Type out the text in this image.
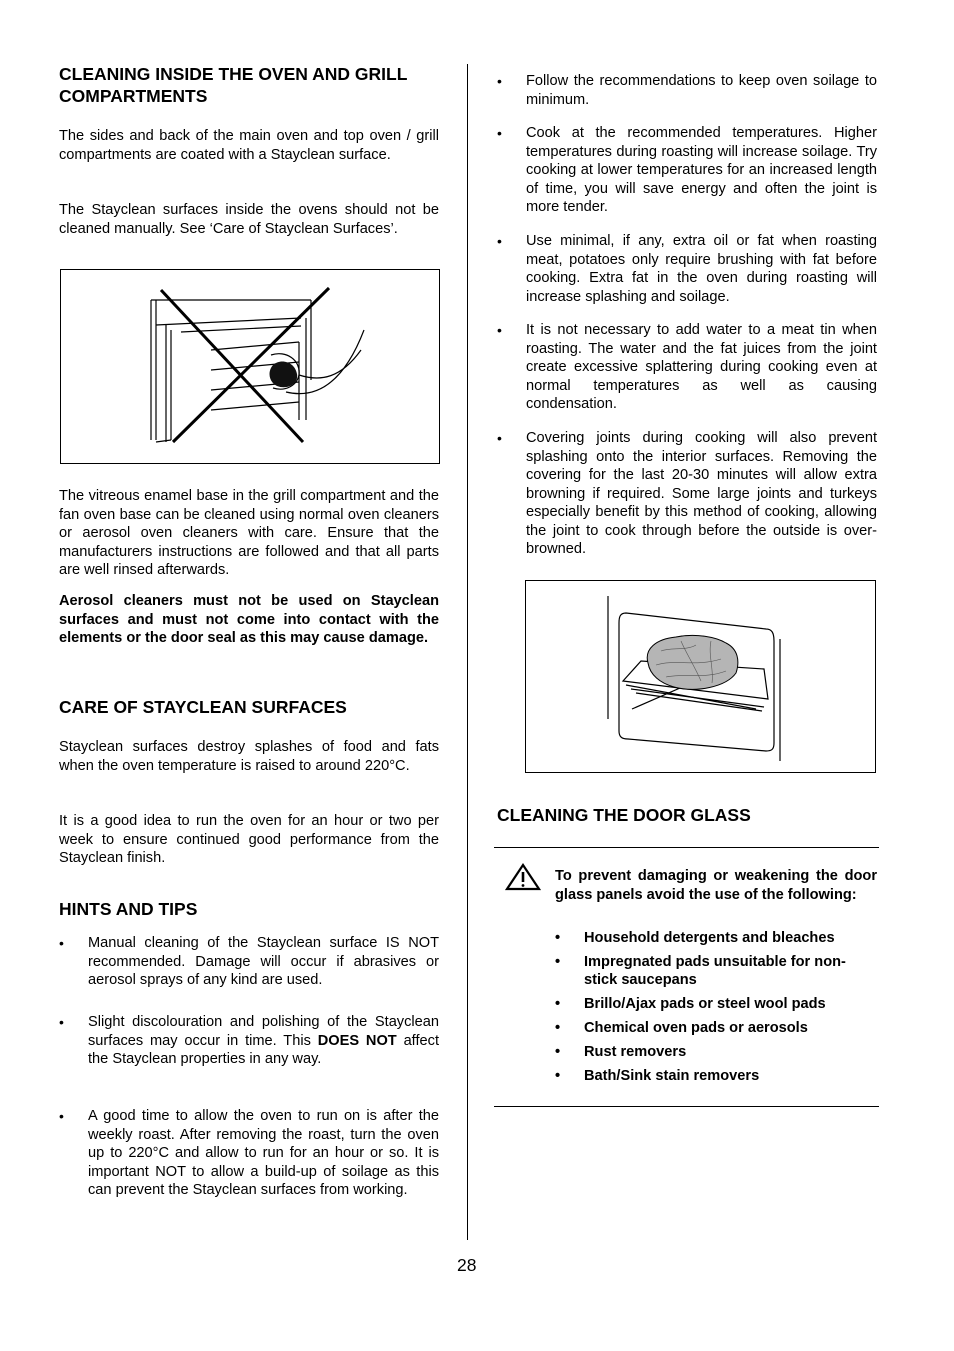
CLEANING INSIDE THE OVEN AND GRILL COMPARTMENTS

The sides and back of the main oven and top oven / grill compartments are coated with a Stayclean surface.

The Stayclean surfaces inside the ovens should not be cleaned manually. See ‘Care of Stayclean Surfaces’.

The vitreous enamel base in the grill compartment and the fan oven base can be cleaned using normal oven cleaners or aerosol oven cleaners with care. Ensure that the manufacturers instructions are followed and that all parts are well rinsed afterwards.

Aerosol cleaners must not be used on Stayclean surfaces and must not come into contact with the elements or the door seal as this may cause damage.

CARE OF STAYCLEAN SURFACES

Stayclean surfaces destroy splashes of food and fats when the oven temperature is raised to around 220°C.

It is a good idea to run the oven for an hour or two per week to ensure continued good performance from the Stayclean finish.

HINTS AND TIPS
• Manual cleaning of the Stayclean surface IS NOT recommended. Damage will occur if abrasives or aerosol sprays of any kind are used.
• Slight discolouration and polishing of the Stayclean surfaces may occur in time. This DOES NOT affect the Stayclean properties in any way.
• A good time to allow the oven to run on is after the weekly roast. After removing the roast, turn the oven up to 220°C and allow to run for an hour or so. It is important NOT to allow a build-up of soilage as this can prevent the Stayclean surfaces from working.
• Follow the recommendations to keep oven soilage to minimum.
• Cook at the recommended temperatures. Higher temperatures during roasting will increase soilage. Try cooking at lower temperatures for an increased length of time, you will save energy and often the joint is more tender.
• Use minimal, if any, extra oil or fat when roasting meat, potatoes only require brushing with fat before cooking. Extra fat in the oven during roasting will increase splashing and soilage.
• It is not necessary to add water to a meat tin when roasting. The water and the fat juices from the joint create excessive splattering during cooking even at normal temperatures as well as causing condensation.
• Covering joints during cooking will also prevent splashing onto the interior surfaces. Removing the covering for the last 20-30 minutes will allow extra browning if required. Some large joints and turkeys especially benefit by this method of cooking, allowing the joint to cook through before the outside is over-browned.
CLEANING THE DOOR GLASS

To prevent damaging or weakening the door glass panels avoid the use of the following:

• Household detergents and bleaches
• Impregnated pads unsuitable for non-stick saucepans
• Brillo/Ajax pads or steel wool pads
• Chemical oven pads or aerosols
• Rust removers
• Bath/Sink stain removers
28
